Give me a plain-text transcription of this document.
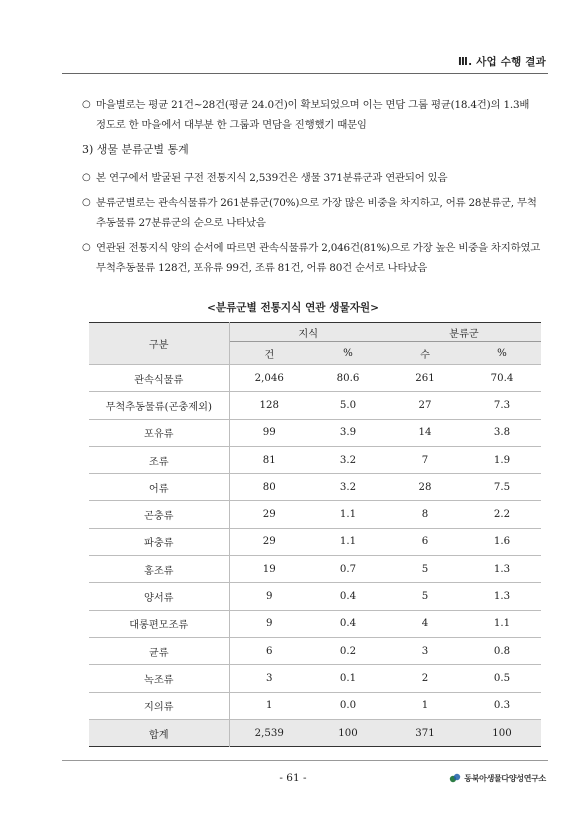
Ⅲ. 사업 수행 결과
○ 마을별로는 평균 21건~28건(평균 24.0건)이 확보되었으며 이는 면담 그룹 평균(18.4건)의 1.3배 정도로 한 마을에서 대부분 한 그룹과 면담을 진행했기 때문임
3) 생물 분류군별 통계
○ 본 연구에서 발굴된 구전 전통지식 2,539건은 생물 371분류군과 연관되어 있음
○ 분류군별로는 관속식물류가 261분류군(70%)으로 가장 많은 비중을 차지하고, 어류 28분류군, 무척추동물류 27분류군의 순으로 나타났음
○ 연관된 전통지식 양의 순서에 따르면 관속식물류가 2,046건(81%)으로 가장 높은 비중을 차지하였고 무척추동물류 128건, 포유류 99건, 조류 81건, 어류 80건 순서로 나타났음
<분류군별 전통지식 연관 생물자원>
구분	지식		분류군	
	건	%	수	%
관속식물류	2,046	80.6	261	70.4
무척추동물류(곤충제외)	128	5.0	27	7.3
포유류	99	3.9	14	3.8
조류	81	3.2	7	1.9
어류	80	3.2	28	7.5
곤충류	29	1.1	8	2.2
파충류	29	1.1	6	1.6
홍조류	19	0.7	5	1.3
양서류	9	0.4	5	1.3
대롱편모조류	9	0.4	4	1.1
균류	6	0.2	3	0.8
녹조류	3	0.1	2	0.5
지의류	1	0.0	1	0.3
합계	2,539	100	371	100
- 61 -	동북아생물다양성연구소
